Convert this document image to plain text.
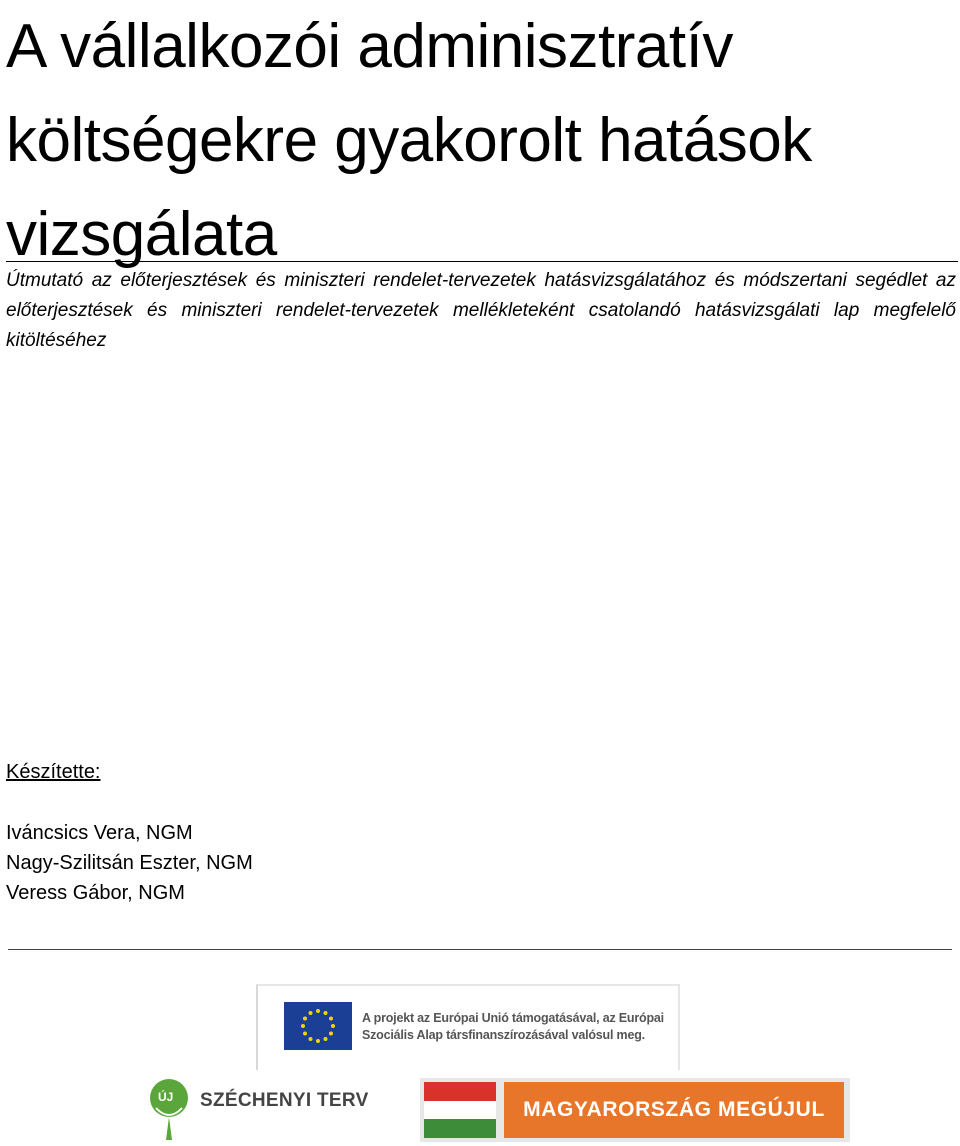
A vállalkozói adminisztratív költségekre gyakorolt hatások vizsgálata

Útmutató az előterjesztések és miniszteri rendelet-tervezetek hatásvizsgálatához és módszertani segédlet az előterjesztések és miniszteri rendelet-tervezetek mellékleteként csatolandó hatásvizsgálati lap megfelelő kitöltéséhez

Készítette:

Iváncsics Vera, NGM
Nagy-Szilitsán Eszter, NGM
Veress Gábor, NGM

A projekt az Európai Unió támogatásával, az Európai Szociális Alap társfinanszírozásával valósul meg.

ÚJ SZÉCHENYI TERV	MAGYARORSZÁG MEGÚJUL
